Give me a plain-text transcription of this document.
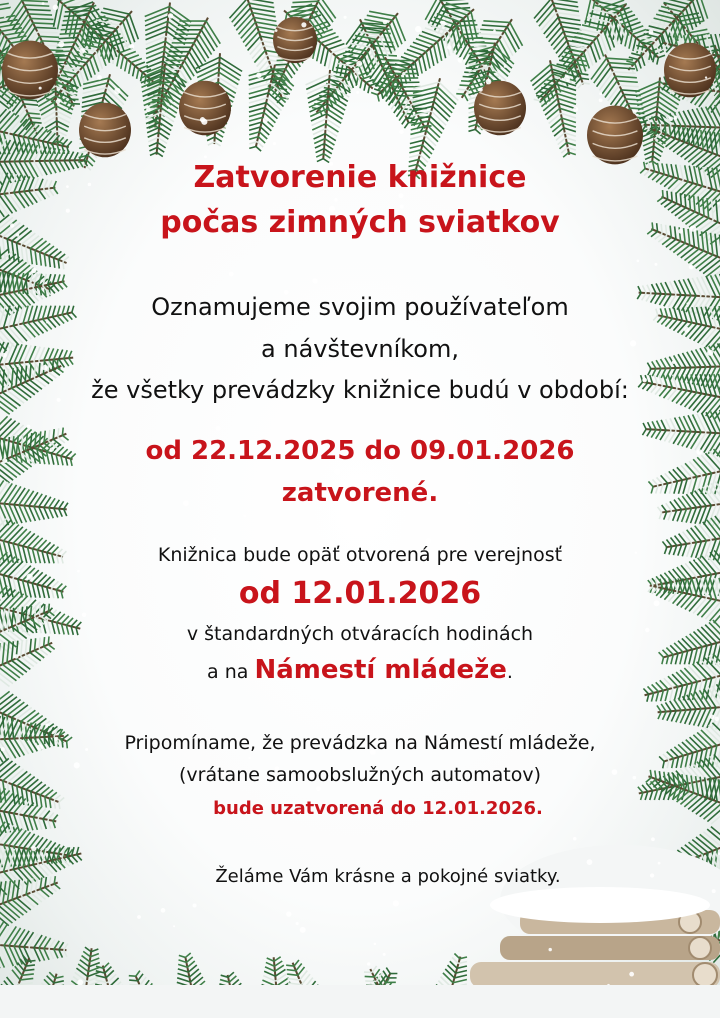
Zatvorenie knižnice
počas zimných sviatkov
Oznamujeme svojim používateľom
a návštevníkom,
že všetky prevádzky knižnice budú v období:
od 22.12.2025 do 09.01.2026
zatvorené.
Knižnica bude opäť otvorená pre verejnosť
od 12.01.2026
v štandardných otváracích hodinách
a na Námestí mládeže.
Pripomíname, že prevádzka na Námestí mládeže,
(vrátane samoobslužných automatov)
bude uzatvorená do 12.01.2026.
Želáme Vám krásne a pokojné sviatky.
